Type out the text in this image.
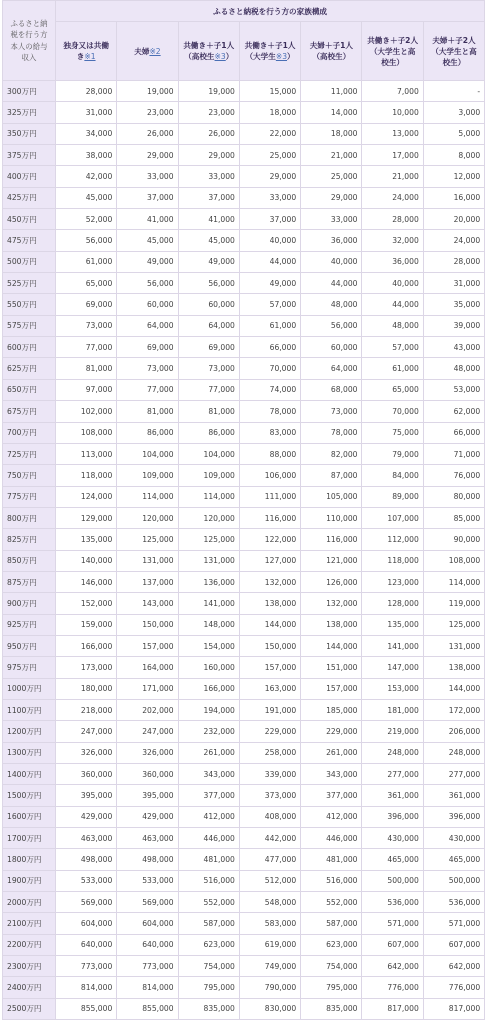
ふるさと納税を行う方本人の給与収入	ふるさと納税を行う方の家族構成						
	独身又は共働き※1	夫婦※2	共働き＋子1人（高校生※3）	共働き＋子1人（大学生※3）	夫婦＋子1人（高校生）	共働き＋子2人（大学生と高校生）	夫婦＋子2人（大学生と高校生）
300万円	28,000	19,000	19,000	15,000	11,000	7,000	-
325万円	31,000	23,000	23,000	18,000	14,000	10,000	3,000
350万円	34,000	26,000	26,000	22,000	18,000	13,000	5,000
375万円	38,000	29,000	29,000	25,000	21,000	17,000	8,000
400万円	42,000	33,000	33,000	29,000	25,000	21,000	12,000
425万円	45,000	37,000	37,000	33,000	29,000	24,000	16,000
450万円	52,000	41,000	41,000	37,000	33,000	28,000	20,000
475万円	56,000	45,000	45,000	40,000	36,000	32,000	24,000
500万円	61,000	49,000	49,000	44,000	40,000	36,000	28,000
525万円	65,000	56,000	56,000	49,000	44,000	40,000	31,000
550万円	69,000	60,000	60,000	57,000	48,000	44,000	35,000
575万円	73,000	64,000	64,000	61,000	56,000	48,000	39,000
600万円	77,000	69,000	69,000	66,000	60,000	57,000	43,000
625万円	81,000	73,000	73,000	70,000	64,000	61,000	48,000
650万円	97,000	77,000	77,000	74,000	68,000	65,000	53,000
675万円	102,000	81,000	81,000	78,000	73,000	70,000	62,000
700万円	108,000	86,000	86,000	83,000	78,000	75,000	66,000
725万円	113,000	104,000	104,000	88,000	82,000	79,000	71,000
750万円	118,000	109,000	109,000	106,000	87,000	84,000	76,000
775万円	124,000	114,000	114,000	111,000	105,000	89,000	80,000
800万円	129,000	120,000	120,000	116,000	110,000	107,000	85,000
825万円	135,000	125,000	125,000	122,000	116,000	112,000	90,000
850万円	140,000	131,000	131,000	127,000	121,000	118,000	108,000
875万円	146,000	137,000	136,000	132,000	126,000	123,000	114,000
900万円	152,000	143,000	141,000	138,000	132,000	128,000	119,000
925万円	159,000	150,000	148,000	144,000	138,000	135,000	125,000
950万円	166,000	157,000	154,000	150,000	144,000	141,000	131,000
975万円	173,000	164,000	160,000	157,000	151,000	147,000	138,000
1000万円	180,000	171,000	166,000	163,000	157,000	153,000	144,000
1100万円	218,000	202,000	194,000	191,000	185,000	181,000	172,000
1200万円	247,000	247,000	232,000	229,000	229,000	219,000	206,000
1300万円	326,000	326,000	261,000	258,000	261,000	248,000	248,000
1400万円	360,000	360,000	343,000	339,000	343,000	277,000	277,000
1500万円	395,000	395,000	377,000	373,000	377,000	361,000	361,000
1600万円	429,000	429,000	412,000	408,000	412,000	396,000	396,000
1700万円	463,000	463,000	446,000	442,000	446,000	430,000	430,000
1800万円	498,000	498,000	481,000	477,000	481,000	465,000	465,000
1900万円	533,000	533,000	516,000	512,000	516,000	500,000	500,000
2000万円	569,000	569,000	552,000	548,000	552,000	536,000	536,000
2100万円	604,000	604,000	587,000	583,000	587,000	571,000	571,000
2200万円	640,000	640,000	623,000	619,000	623,000	607,000	607,000
2300万円	773,000	773,000	754,000	749,000	754,000	642,000	642,000
2400万円	814,000	814,000	795,000	790,000	795,000	776,000	776,000
2500万円	855,000	855,000	835,000	830,000	835,000	817,000	817,000
